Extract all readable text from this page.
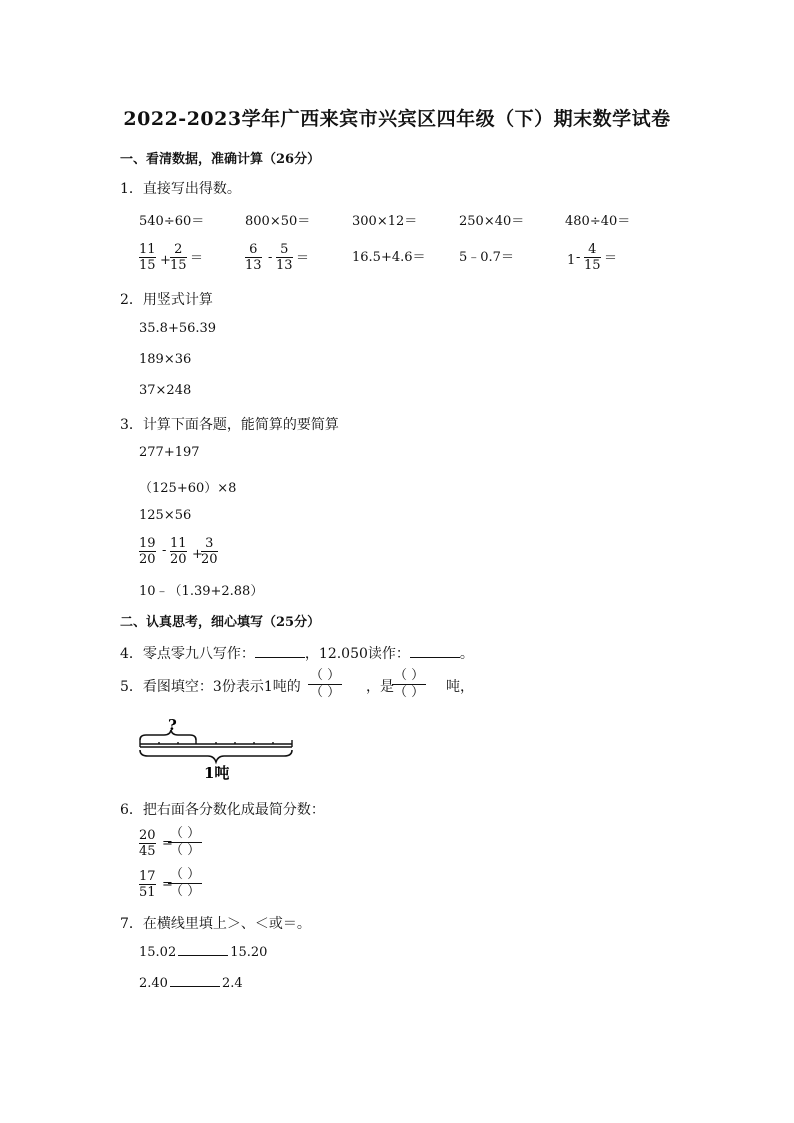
2022-2023学年广西来宾市兴宾区四年级（下）期末数学试卷
一、看清数据，准确计算（26分）
1．直接写出得数。
540÷60＝	800×50＝	300×12＝	250×40＝	480÷40＝
$\frac{11}{15} + \frac{2}{15}$ ＝	$\frac{6}{13} - \frac{5}{13}$ ＝	16.5+4.6＝	5﹣0.7＝	$1 - \frac{4}{15}$ ＝
2．用竖式计算
35.8+56.39
189×36
37×248
3．计算下面各题，能简算的要简算
277+197
（125+60）×8
125×56
$\frac{19}{20} - \frac{11}{20}$ +
$\frac{3}{20}$
10﹣（1.39+2.88）
二、认真思考，细心填写（25分）
4．零点零九八写作：	，12.050读作：	。
5．看图填空：3份表示1吨的
（ ）
（ ） ，是
（ ）
（ ） 吨，
?
1吨
6．把右面各分数化成最简分数：
$\frac{20}{45}$ =
（ ）
（ ）
$\frac{17}{51}$ =
（ ）
（ ）
7．在横线里填上＞、＜或＝。
15.02	15.20
2.40	2.4
